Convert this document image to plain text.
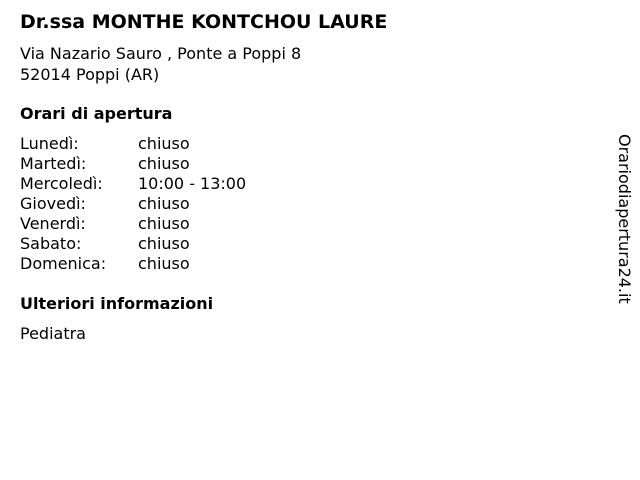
Dr.ssa MONTHE KONTCHOU LAURE
Via Nazario Sauro , Ponte a Poppi 8
52014 Poppi (AR)
Orari di apertura
Lunedì:	chiuso
Martedì:	chiuso
Mercoledì: 10:00 - 13:00
Giovedì:	chiuso
Venerdì:	chiuso
Sabato:	chiuso
Domenica: chiuso
Ulteriori informazioni
Pediatra
Orariodiapertura24.it
